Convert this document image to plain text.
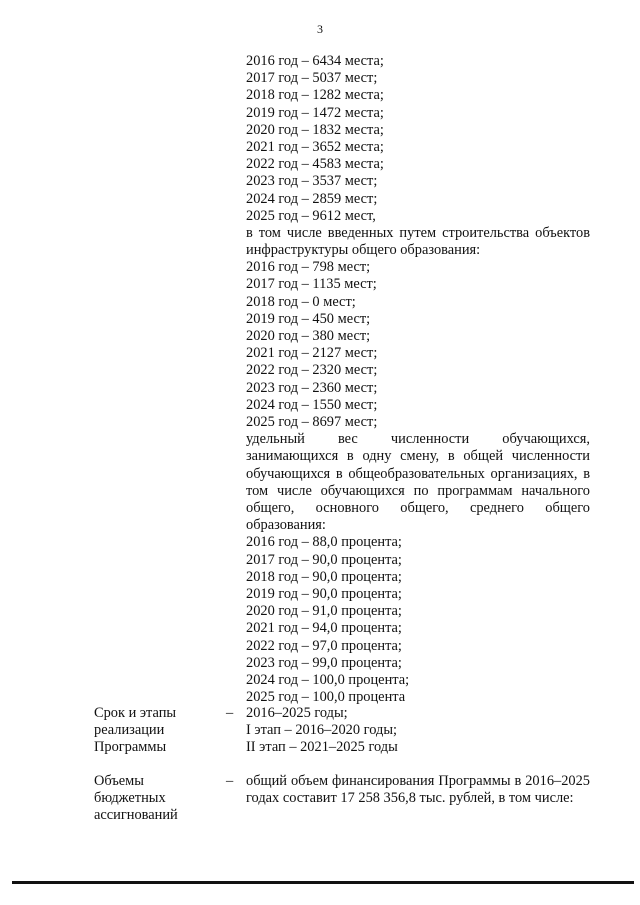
3
2016 год – 6434 места;
2017 год – 5037 мест;
2018 год – 1282 места;
2019 год – 1472 места;
2020 год – 1832 места;
2021 год – 3652 места;
2022 год – 4583 места;
2023 год – 3537 мест;
2024 год – 2859 мест;
2025 год – 9612 мест,
в том числе введенных путем строительства объектов инфраструктуры общего образования:
2016 год – 798 мест;
2017 год – 1135 мест;
2018 год – 0 мест;
2019 год – 450 мест;
2020 год – 380 мест;
2021 год – 2127 мест;
2022 год – 2320 мест;
2023 год – 2360 мест;
2024 год – 1550 мест;
2025 год – 8697 мест;
удельный вес численности обучающихся, занимающихся в одну смену, в общей численности обучающихся в общеобразовательных организациях, в том числе обучающихся по программам начального общего, основного общего, среднего общего образования:
2016 год – 88,0 процента;
2017 год – 90,0 процента;
2018 год – 90,0 процента;
2019 год – 90,0 процента;
2020 год – 91,0 процента;
2021 год – 94,0 процента;
2022 год – 97,0 процента;
2023 год – 99,0 процента;
2024 год – 100,0 процента;
2025 год – 100,0 процента
Срок и этапы
реализации
Программы
– 2016–2025 годы;
I этап – 2016–2020 годы;
II этап – 2021–2025 годы
Объемы
бюджетных
ассигнований
– общий объем финансирования Программы в 2016–2025 годах составит 17 258 356,8 тыс. рублей, в том числе:
